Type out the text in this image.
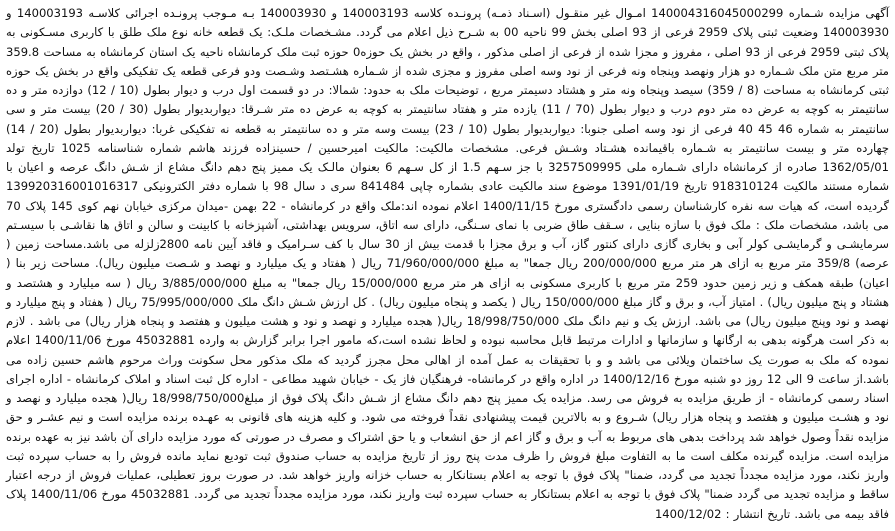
آگهی مزایده شـماره 140004316045000299 امـوال غیر منقـول (اسـناد ذمـه) پرونـده کلاسه 140003193 و 140003930 بـه مـوجب پرونـده اجرائی کلاسـه 140003193 و 140003930 وضعیت ثبتی پلاک 2959 فرعی از 93 اصلی بخش 99 ناحیه 00 به شـرح ذیل اعلام می گردد. مشـخصات ملـک: یک قطعه خانه نوع ملک طلق با کاربری مسـکونی به پلاک ثبتی 2959 فرعی از 93 اصلی ، مفروز و مجزا شده از فرعی از اصلی مذکور ، واقع در بخش یک حوزه0 حوزه ثبت ملک کرمانشاه ناحیه یک استان کرمانشاه به مساحت 359.8 متر مربع متن ملک شـماره دو هزار ونهصد وپنجاه ونه فرعی از نود وسه اصلی مفروز و مجزی شده از شـماره هشـتصد وشـصت ودو فرعی قطعه یک تفکیکی واقع در بخش یک حوزه ثبتی کرمانشاه به مساحت (8 / 359) سیصد وپنجاه ونه متر و هشتاد دسیمتر مربع ، توضیحات ملک به حدود: شمالا: در دو قسمت اول درب و دیوار بطول (10 / 12) دوازده متر و ده سانتیمتر به کوچه به عرض ده متر دوم درب و دیوار بطول (70 / 11) یازده متر و هفتاد سانتیمتر به کوچه به عرض ده متر شـرقا: دیواربدیوار بطول (30 / 20) بیست متر و سی سانتیمتر به شماره 46 45 40 فرعی از نود وسه اصلی جنوبا: دیواربدیوار بطول (10 / 23) بیست وسه متر و ده سانتیمتر به قطعه نه تفکیکی غربا: دیواربدیوار بطول (20 / 14) چهارده متر و بیست سانتیمتر به شـماره باقیمانده هشـتاد وشـش فرعی. مشخصات مالکیت: مالکیت امیرحسین / حسینزاده فرزند هاشم شماره شناسنامه 1025 تاریخ تولد 1362/05/01 صادره از کرمانشاه دارای شـماره ملی 3257509995 با جز سـهم 1.5 از کل سـهم 6 بعنوان مالـک یک ممیز پنج دهم دانگ مشاع از شـش دانگ عرصه و اعیان با شماره مستند مالکیت 918310124 تاریخ 1391/01/19 موضوع سند مالکیت عادی بشماره چاپی 841484 سری د سال 98 با شماره دفتر الکترونیکی 139920316001016317 گردیده است، که هیات سه نفره کارشناسان رسمی دادگستری مورخ 1400/11/15 اعلام نموده اند:ملک واقع در کرمانشاه - 22 بهمن -میدان مرکزی خیابان نهم کوی 145 پلاک 70 می باشد، مشخصات ملک : ملک فوق با سازه بنایی ، سـقف طاق ضربی با نمای سـنگی، دارای سه اتاق، سرویس بهداشتی، آشپزخانه با کابینت و سالن و اتاق ها نقاشـی با سیسـتم سرمایشـی و گرمایشـی کولر آبی و بخاری گازی دارای کنتور گاز، آب و برق مجزا با قدمت بیش از 30 سال با کف سـرامیک و فاقد آیین نامه 2800زلزله می باشد.مساحت زمین ( عرصه) 359/8 متر مربع به ازای هر متر مربع 200/000/000 ریال جمعا" به مبلغ 71/960/000/000 ریال ( هفتاد و یک میلیارد و نهصد و شـصت میلیون ریال). مساحت زیر بنا ( اعیان) طبقه همکف و زیر زمین حدود 259 متر مربع با کاربری مسکونی به ازای هر متر مربع 15/000/000 ریال جمعا" به مبلغ 3/885/000/000 ریال ( سه میلیارد و هشتصد و هشتاد و پنج میلیون ریال) . امتیاز آب، و برق و گاز مبلغ 150/000/000 ریال ( یکصد و پنجاه میلیون ریال) . کل ارزش شـش دانگ ملک 75/995/000/000 ریال ( هفتاد و پنج میلیارد و نهصد و نود وپنج میلیون ریال) می باشد. ارزش یک و نیم دانگ ملک 18/998/750/000 ریال( هجده میلیارد و نهصد و نود و هشت میلیون و هفتصد و پنجاه هزار ریال) می باشد . لازم به ذکر است هرگونه بدهی به ارگانها و سازمانها و ادارات مرتبط قابل محاسبه نبوده و لحاظ نشده است،که مامور اجرا برابر گزارش به وارده 45032881 مورخ 1400/11/06 اعلام نموده که ملک به صورت یک ساختمان ویلائی می باشد و و با تحقیقات به عمل آمده از اهالی محل مجرز گردید که ملک مذکور محل سکونت وراث مرحوم هاشم حسین زاده می باشد.از ساعت 9 الی 12 روز دو شنبه مورخ 1400/12/16 در اداره واقع در کرمانشاه- فرهنگیان فاز یک - خیابان شهید مطاعی - اداره کل ثبت اسناد و املاک کرمانشاه - اداره اجرای اسناد رسمی کرمانشاه - از طریق مزایده به فروش می رسد. مزایده یک ممیز پنج دهم دانگ مشاع از شـش دانگ پلاک فوق از مبلغ18/998/750/000 ریال( هجده میلیارد و نهصد و نود و هشـت میلیون و هفتصد و پنجاه هزار ریال) شـروع و به بالاترین قیمت پیشنهادی نقداً فروخته می شود. و کلیه هزینه های قانونی به عهـده برنده مزایده است و نیم عشـر و حق مزایده نقداً وصول خواهد شد پرداخت بدهی های مربوط به آب و برق و گاز اعم از حق انشعاب و یا حق اشتراک و مصرف در صورتی که مورد مزایده دارای آن باشد نیز به عهده برنده مزایده است. مزایده گیرنده مکلف است ما به التفاوت مبلغ فروش را ظرف مدت پنج روز از تاریخ مزایده به حساب صندوق ثبت تودیع نماید مانده فروش را به حساب سپرده ثبت واریز نکند، مورد مزایده مجدداً تجدید می گردد، ضمنا" پلاک فوق با توجه به اعلام بستانکار به حساب خزانه واریز خواهد شد. در صورت بروز تعطیلی، عملیات فروش از درجه اعتبار ساقط و مزایده تجدید می گردد ضمنا" پلاک فوق با توجه به اعلام بستانکار به حساب سپرده ثبت واریز نکند، مورد مزایده مجدداً تجدید می گردد. 45032881 مورخ 1400/11/06 پلاک فاقد بیمه می باشد. تاریخ انتشار : 1400/12/02
